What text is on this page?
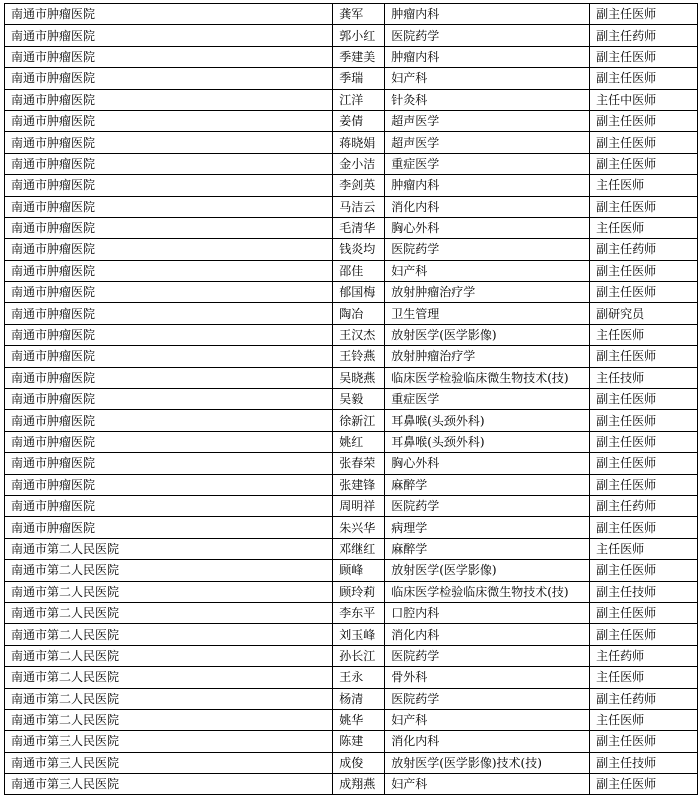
南通市肿瘤医院	龚军	肿瘤内科	副主任医师
南通市肿瘤医院	郭小红	医院药学	副主任药师
南通市肿瘤医院	季建美	肿瘤内科	副主任医师
南通市肿瘤医院	季瑞	妇产科	副主任医师
南通市肿瘤医院	江洋	针灸科	主任中医师
南通市肿瘤医院	姜倩	超声医学	副主任医师
南通市肿瘤医院	蒋晓娟	超声医学	副主任医师
南通市肿瘤医院	金小洁	重症医学	副主任医师
南通市肿瘤医院	李剑英	肿瘤内科	主任医师
南通市肿瘤医院	马洁云	消化内科	副主任医师
南通市肿瘤医院	毛清华	胸心外科	主任医师
南通市肿瘤医院	钱炎均	医院药学	副主任药师
南通市肿瘤医院	邵佳	妇产科	副主任医师
南通市肿瘤医院	郁国梅	放射肿瘤治疗学	副主任医师
南通市肿瘤医院	陶冶	卫生管理	副研究员
南通市肿瘤医院	王汉杰	放射医学(医学影像)	主任医师
南通市肿瘤医院	王铃燕	放射肿瘤治疗学	副主任医师
南通市肿瘤医院	吴晓燕	临床医学检验临床微生物技术(技)	主任技师
南通市肿瘤医院	吴毅	重症医学	副主任医师
南通市肿瘤医院	徐新江	耳鼻喉(头颈外科)	副主任医师
南通市肿瘤医院	姚红	耳鼻喉(头颈外科)	副主任医师
南通市肿瘤医院	张春荣	胸心外科	副主任医师
南通市肿瘤医院	张建锋	麻醉学	副主任医师
南通市肿瘤医院	周明祥	医院药学	副主任药师
南通市肿瘤医院	朱兴华	病理学	副主任医师
南通市第二人民医院	邓继红	麻醉学	主任医师
南通市第二人民医院	顾峰	放射医学(医学影像)	副主任医师
南通市第二人民医院	顾玲莉	临床医学检验临床微生物技术(技)	副主任技师
南通市第二人民医院	李东平	口腔内科	副主任医师
南通市第二人民医院	刘玉峰	消化内科	副主任医师
南通市第二人民医院	孙长江	医院药学	主任药师
南通市第二人民医院	王永	骨外科	主任医师
南通市第二人民医院	杨清	医院药学	副主任药师
南通市第二人民医院	姚华	妇产科	主任医师
南通市第三人民医院	陈建	消化内科	副主任医师
南通市第三人民医院	成俊	放射医学(医学影像)技术(技)	副主任技师
南通市第三人民医院	成翔燕	妇产科	副主任医师
